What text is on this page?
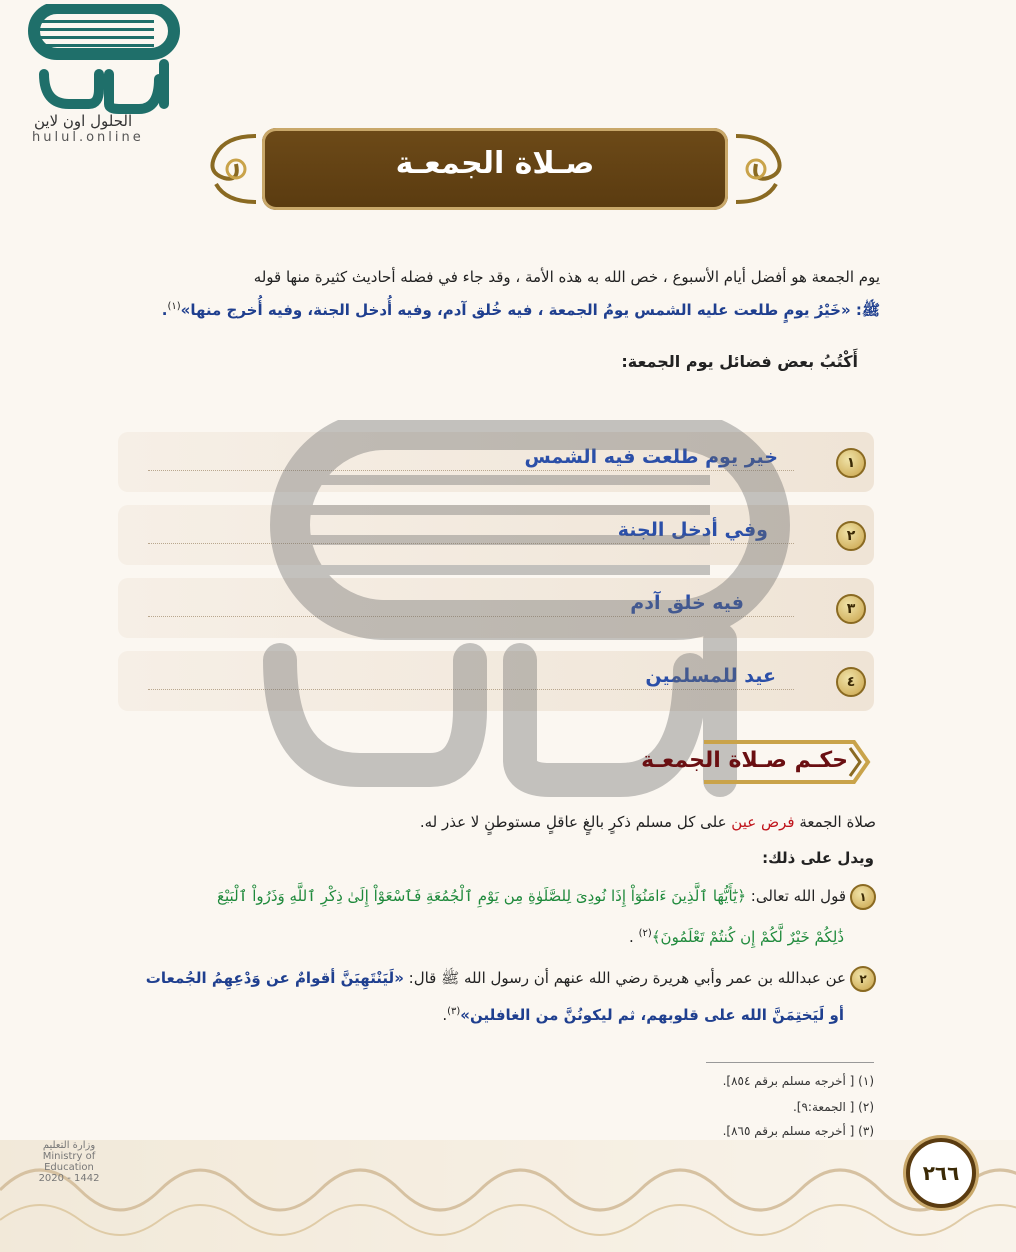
الحلول اون لاين
hulul.online
صـلاة الجمعـة
يوم الجمعة هو أفضل أيام الأسبوع ، خص الله به هذه الأمة ، وقد جاء في فضله أحاديث كثيرة منها قوله
ﷺ: «خَيْرُ يومٍ طلعت عليه الشمس يومُ الجمعة ، فيه خُلق آدم، وفيه أُدخل الجنة، وفيه أُخرج منها»$^{(١)}$.
أَكْتُبُ بعض فضائل يوم الجمعة:
١
خير يوم طلعت فيه الشمس
٢
وفي أدخل الجنة
٣
فيه خلق آدم
٤
عيد للمسلمين
حكـم صـلاة الجمعـة
صلاة الجمعة فرض عين على كل مسلم ذكرٍ بالغٍ عاقلٍ مستوطنٍ لا عذر له.
ويدل على ذلك:
١قول الله تعالى: ﴿يَٰٓأَيُّهَا ٱلَّذِينَ ءَامَنُوٓاْ إِذَا نُودِىَ لِلصَّلَوٰةِ مِن يَوْمِ ٱلْجُمُعَةِ فَٱسْعَوْاْ إِلَىٰ ذِكْرِ ٱللَّهِ وَذَرُواْ ٱلْبَيْعَ
ذَٰلِكُمْ خَيْرٌ لَّكُمْ إِن كُنتُمْ تَعْلَمُونَ﴾$^{(٢)}$ .
٢عن عبدالله بن عمر وأبي هريرة رضي الله عنهم أن رسول الله ﷺ قال: «لَيَنْتَهِيَنَّ أقوامٌ عن وَدْعِهِمُ الجُمعات
أو لَيَختِمَنَّ الله على قلوبهم، ثم ليكونُنَّ من الغافلين»$^{(٣)}$.
(١) [ أخرجه مسلم برقم ٨٥٤].
(٢) [ الجمعة:٩].
(٣) [ أخرجه مسلم برقم ٨٦٥].
وزارة التعليم
Ministry of Education
2020 - 1442	٢٦٦
